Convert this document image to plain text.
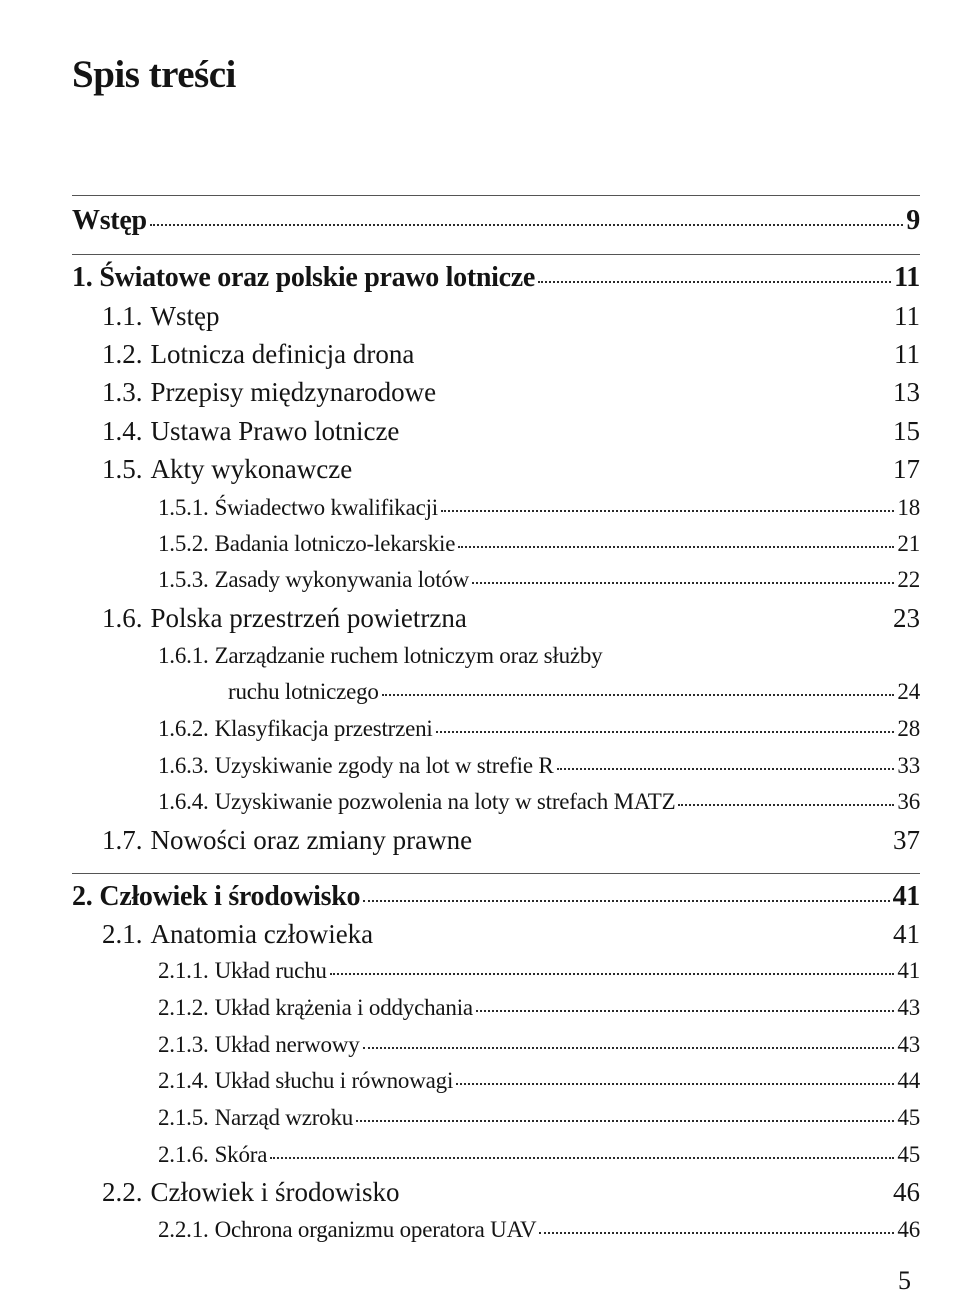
Spis treści
Wstęp	9
1. Światowe oraz polskie prawo lotnicze	11
1.1. Wstęp	11
1.2. Lotnicza definicja drona	11
1.3. Przepisy międzynarodowe	13
1.4. Ustawa Prawo lotnicze	15
1.5. Akty wykonawcze	17
1.5.1. Świadectwo kwalifikacji	18
1.5.2. Badania lotniczo-lekarskie	21
1.5.3. Zasady wykonywania lotów	22
1.6. Polska przestrzeń powietrzna	23
1.6.1. Zarządzanie ruchem lotniczym oraz służby
ruchu lotniczego	24
1.6.2. Klasyfikacja przestrzeni	28
1.6.3. Uzyskiwanie zgody na lot w strefie R	33
1.6.4. Uzyskiwanie pozwolenia na loty w strefach MATZ	36
1.7. Nowości oraz zmiany prawne	37
2. Człowiek i środowisko	41
2.1. Anatomia człowieka	41
2.1.1. Układ ruchu	41
2.1.2. Układ krążenia i oddychania	43
2.1.3. Układ nerwowy	43
2.1.4. Układ słuchu i równowagi	44
2.1.5. Narząd wzroku	45
2.1.6. Skóra	45
2.2. Człowiek i środowisko	46
2.2.1. Ochrona organizmu operatora UAV	46
5
